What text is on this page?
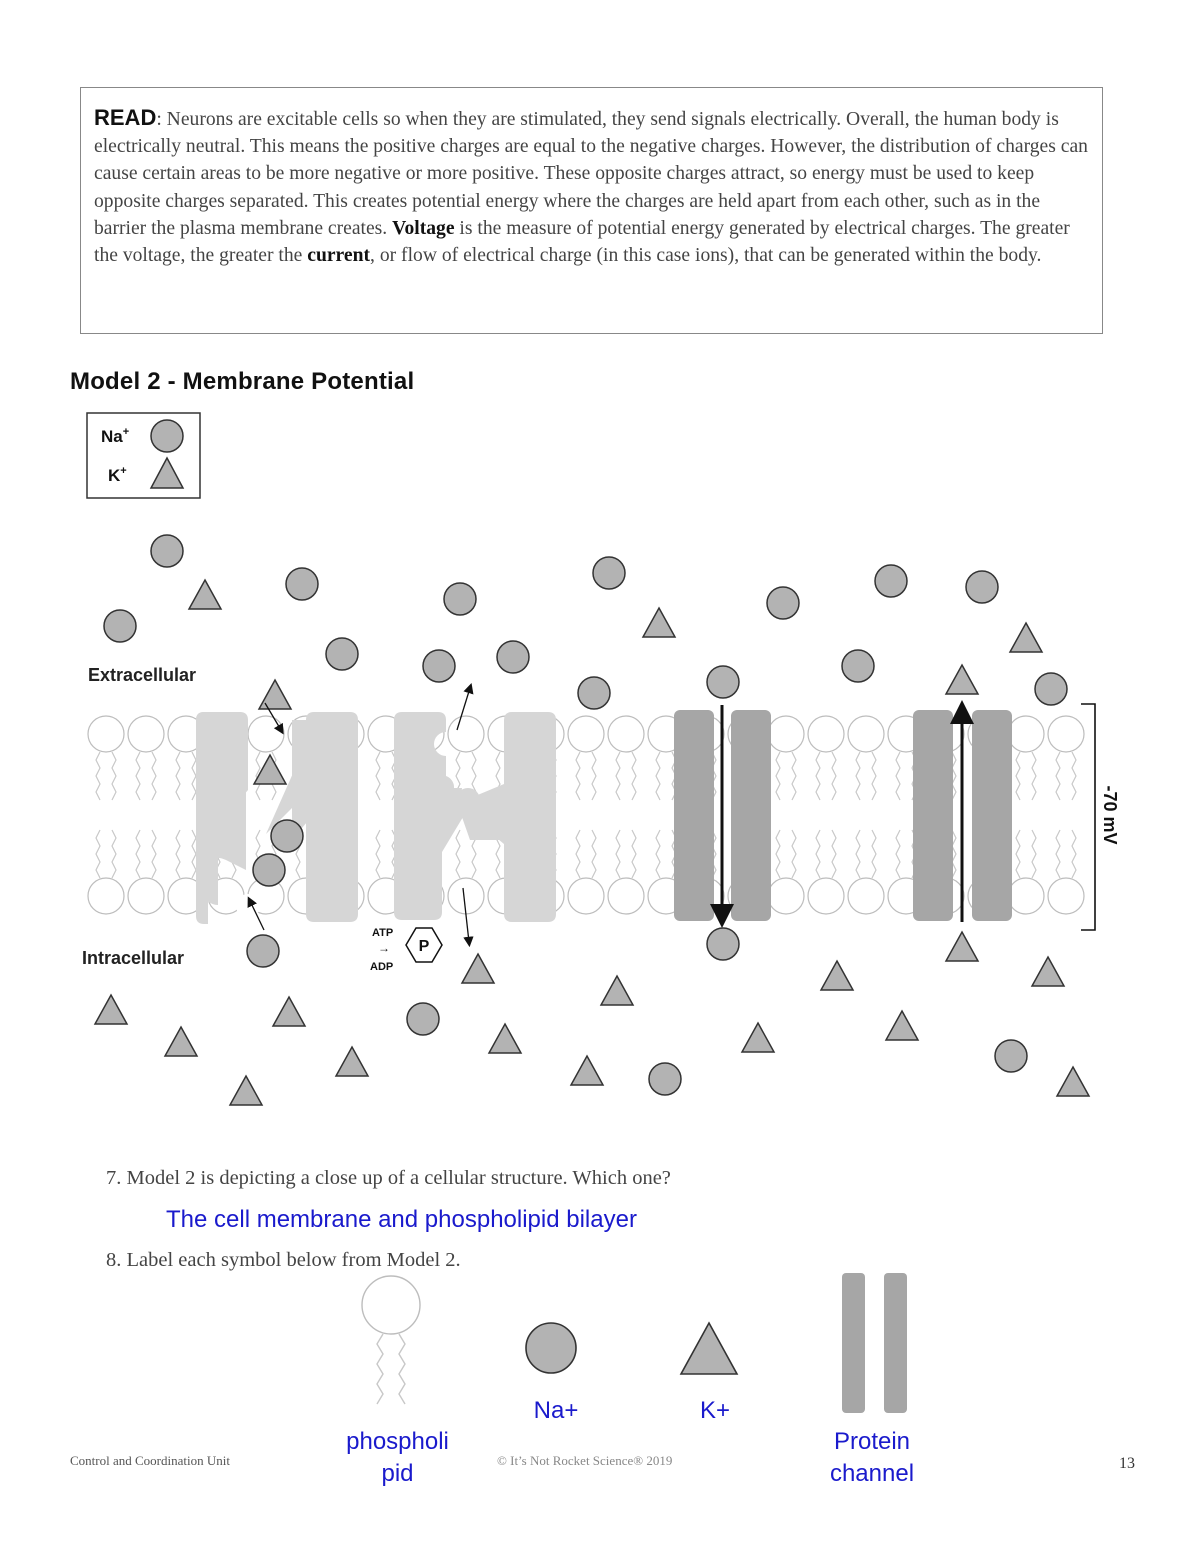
READ: Neurons are excitable cells so when they are stimulated, they send signals electrically. Overall, the human body is electrically neutral. This means the positive charges are equal to the negative charges. However, the distribution of charges can cause certain areas to be more negative or more positive. These opposite charges attract, so energy must be used to keep opposite charges separated. This creates potential energy where the charges are held apart from each other, such as in the barrier the plasma membrane creates. Voltage is the measure of potential energy generated by electrical charges. The greater the voltage, the greater the current, or flow of electrical charge (in this case ions), that can be generated within the body.
Model 2 - Membrane Potential
Na+
K+
ATP
→
ADP
P
Extracellular
Intracellular
-70 mV
7. Model 2 is depicting a close up of a cellular structure. Which one?
The cell membrane and phospholipid bilayer
8. Label each symbol below from Model 2.
Na+	K+
phospholi
pid
Protein
channel
Control and Coordination Unit	© It’s Not Rocket Science® 2019	13
